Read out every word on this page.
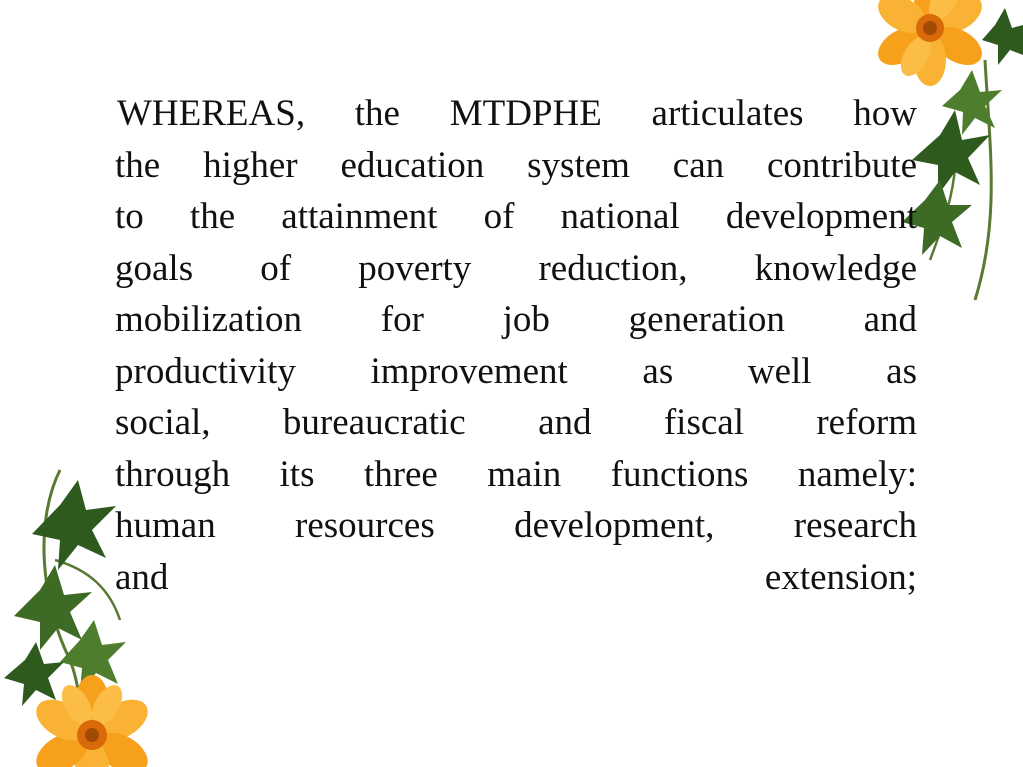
WHEREAS, the MTDPHE articulates how
the higher education system can contribute
to the attainment of national development
goals of poverty reduction, knowledge
mobilization for job generation and
productivity improvement as well as
social, bureaucratic and fiscal reform
through its three main functions namely:
human resources development, research
and extension;
